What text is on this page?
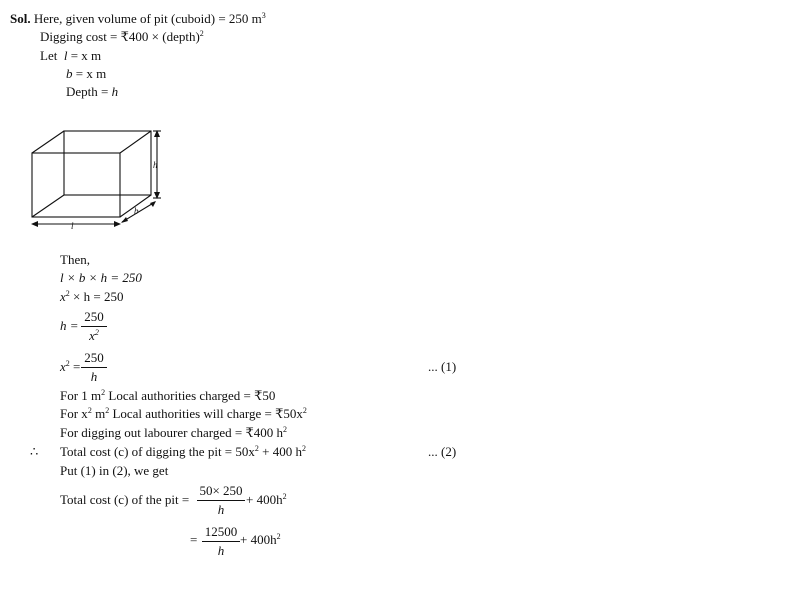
Sol. Here, given volume of pit (cuboid) = 250 $m^3$
Digging cost = ₹400 × (depth)$^2$
Let l = x m
b = x m
Depth = h
h
l
b
Then,
l × b × h = 250
$x^2 \times h = 250$
h =
250
$x^2$
$x^2$ =
250
h
... (1)
For 1 $m^2$ Local authorities charged = ₹50
For $x^2$ $m^2$ Local authorities will charge = $₹50x^2$
For digging out labourer charged = ₹400 $h^2$
∴ Total cost (c) of digging the pit = $50x^2 + 400$ $h^2$	... (2)
Put (1) in (2), we get
Total cost (c) of the pit =
50× 250
h
+ $400h^2$
=
12500
h
+ $400h^2$
